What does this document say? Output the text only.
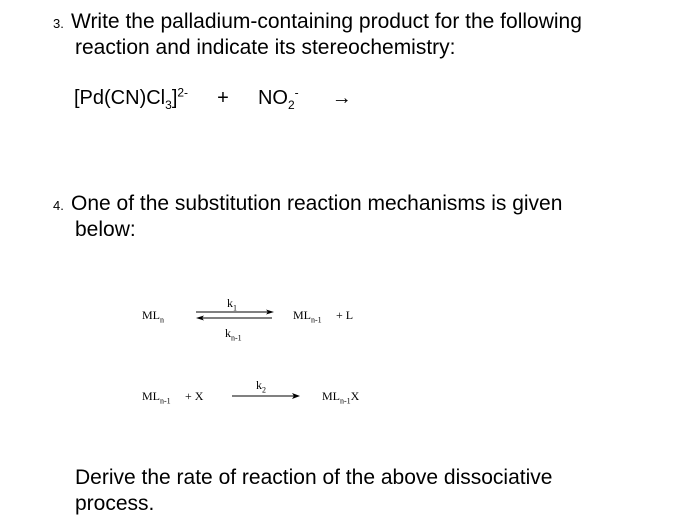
3. Write the palladium-containing product for the following
reaction and indicate its stereochemistry:
$[Pd(CN)Cl_3]^{2-} + NO_2^-$ →
4. One of the substitution reaction mechanisms is given
below:
$ML_n$
$k_1$
$k_{n-1}$
$ML_{n-1} + L$
$ML_{n-1} + X$
$k_2$	$ML_{n-1}X$
Derive the rate of reaction of the above dissociative
process.
